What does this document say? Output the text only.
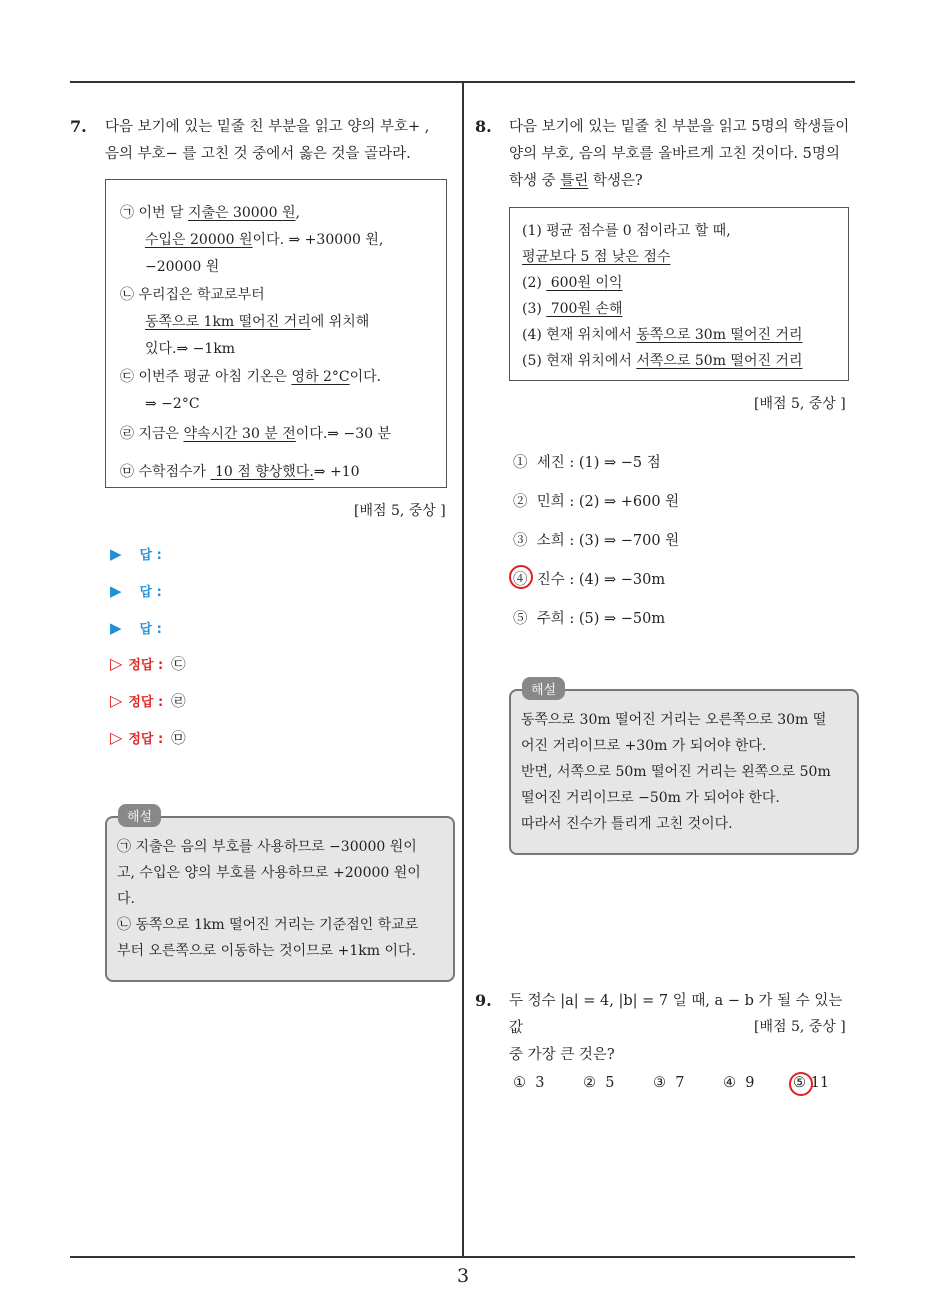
3
7. 다음 보기에 있는 밑줄 친 부분을 읽고 양의 부호+ ,
음의 부호− 를 고친 것 중에서 옳은 것을 골라라.
㉠ 이번 달 지출은 30000 원,
수입은 20000 원이다. ⇒ +30000 원,
−20000 원
㉡ 우리집은 학교로부터
동쪽으로 1km 떨어진 거리에 위치해
있다.⇒ −1km
㉢ 이번주 평균 아침 기온은 영하 2°C이다.
⇒ −2°C
㉣ 지금은 약속시간 30 분 전이다.⇒ −30 분
㉤ 수학점수가  10 점 향상했다.⇒ +10
[배점 5, 중상 ]
▶ 답 :
▶ 답 :
▶ 답 :
▷ 정답 : ㉢
▷ 정답 : ㉣
▷ 정답 : ㉤
㉠ 지출은 음의 부호를 사용하므로 −30000 원이
고, 수입은 양의 부호를 사용하므로 +20000 원이
다.
㉡ 동쪽으로 1km 떨어진 거리는 기준점인 학교로
부터 오른쪽으로 이동하는 것이므로 +1km 이다.
해설
8. 다음 보기에 있는 밑줄 친 부분을 읽고 5명의 학생들이
양의 부호, 음의 부호를 올바르게 고친 것이다. 5명의
학생 중 틀린 학생은?
(1) 평균 점수를 0 점이라고 할 때,
평균보다 5 점 낮은 점수
(2)  600원 이익
(3)  700원 손해
(4) 현재 위치에서 동쪽으로 30m 떨어진 거리
(5) 현재 위치에서 서쪽으로 50m 떨어진 거리
[배점 5, 중상 ]
① 세진 : (1) ⇒ −5 점
② 민희 : (2) ⇒ +600 원
③ 소희 : (3) ⇒ −700 원
④ 진수 : (4) ⇒ −30m
⑤ 주희 : (5) ⇒ −50m
동쪽으로 30m 떨어진 거리는 오른쪽으로 30m 떨
어진 거리이므로 +30m 가 되어야 한다.
반면, 서쪽으로 50m 떨어진 거리는 왼쪽으로 50m
떨어진 거리이므로 −50m 가 되어야 한다.
따라서 진수가 틀리게 고친 것이다.
해설
9. 두 정수 |a| = 4, |b| = 7 일 때, a − b 가 될 수 있는 값
중 가장 큰 것은?
[배점 5, 중상 ]
① 3	② 5	③ 7	④ 9	⑤ 11
